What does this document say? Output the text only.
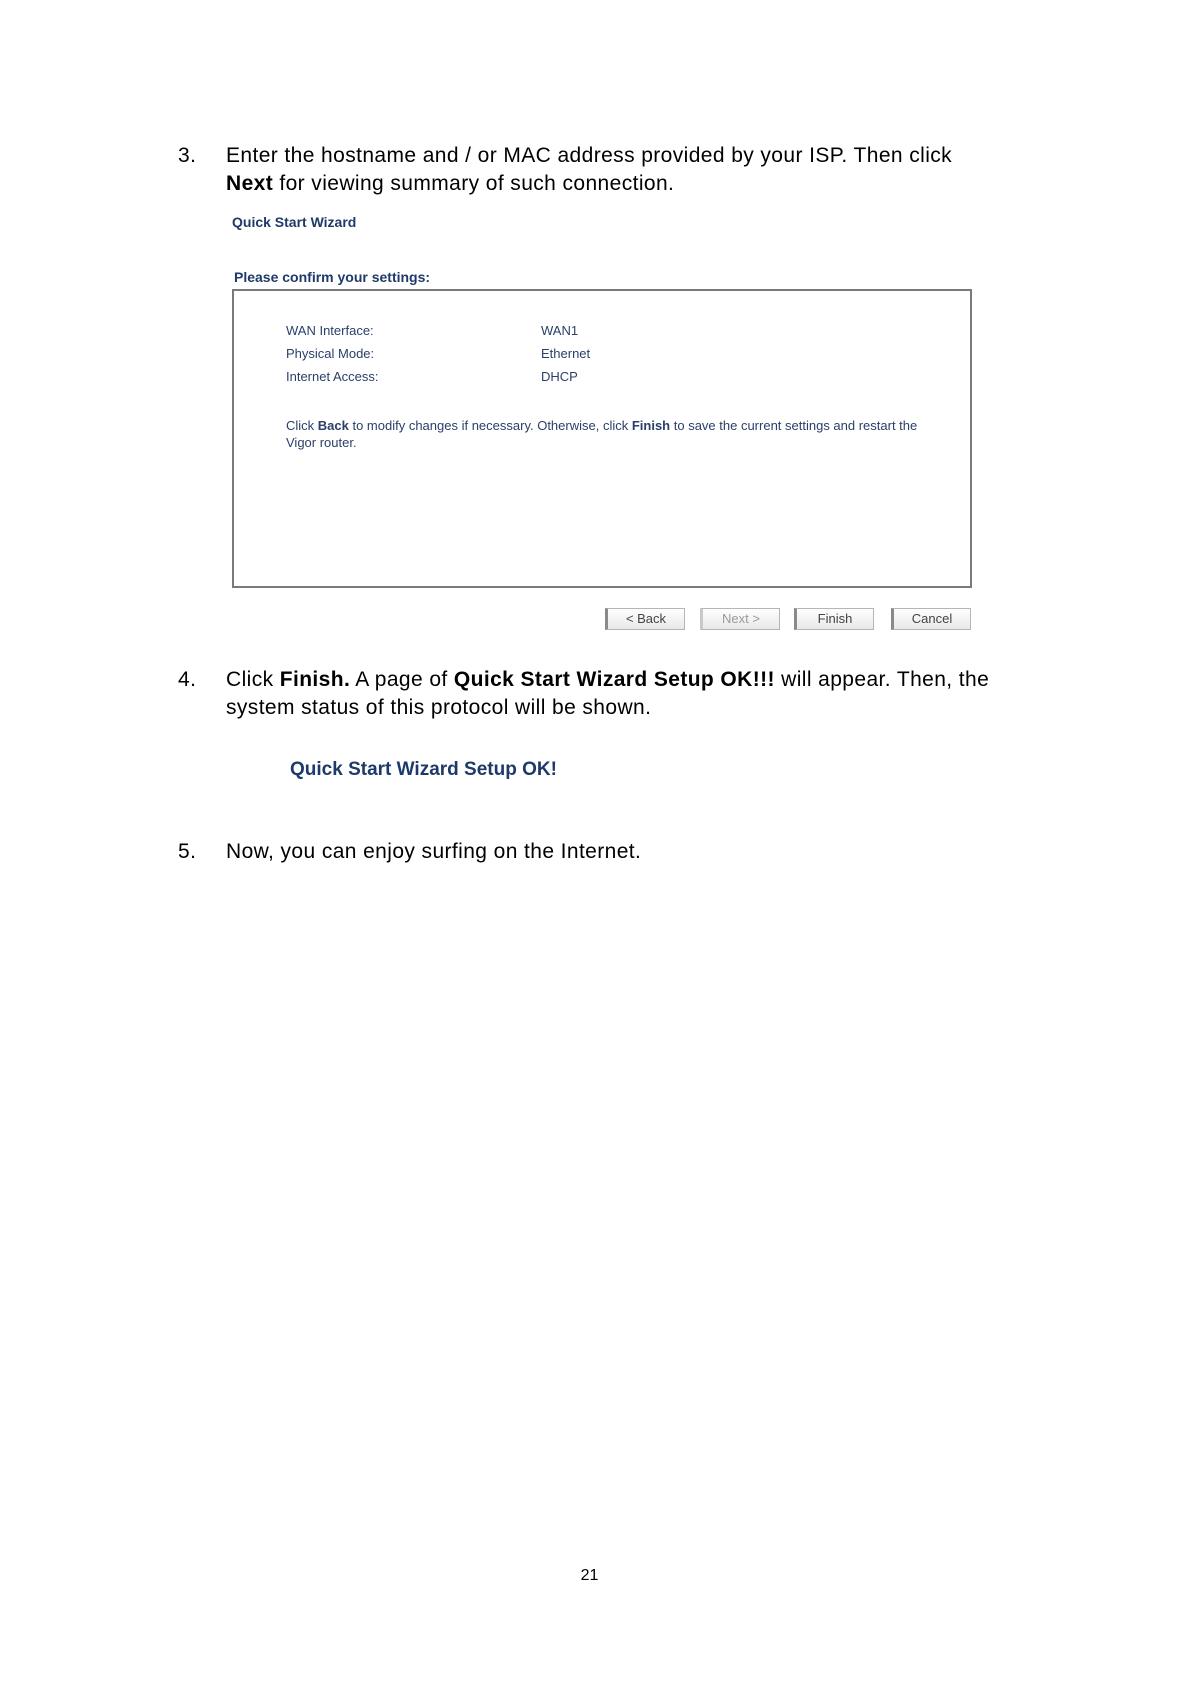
3. Enter the hostname and / or MAC address provided by your ISP. Then click
Next for viewing summary of such connection.
Quick Start Wizard
Please confirm your settings:
WAN Interface:	WAN1
Physical Mode:	Ethernet
Internet Access:	DHCP
Click Back to modify changes if necessary. Otherwise, click Finish to save the current settings and restart the Vigor router.
< Back	Next >	Finish	Cancel
4. Click Finish. A page of Quick Start Wizard Setup OK!!! will appear. Then, the system status of this protocol will be shown.
Quick Start Wizard Setup OK!
5. Now, you can enjoy surfing on the Internet.
21
